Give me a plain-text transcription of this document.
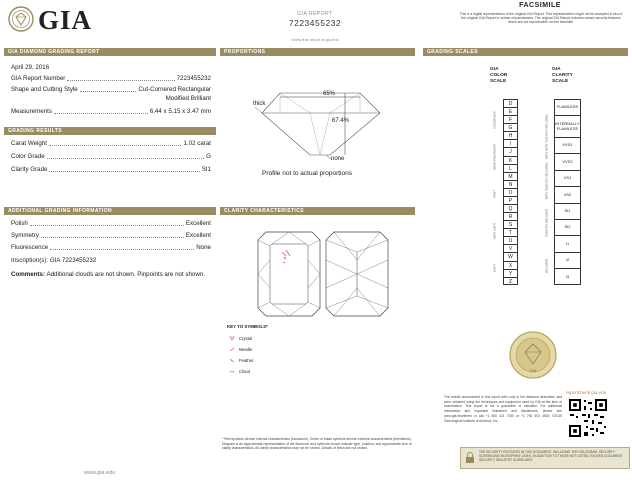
GIA	GIA REPORT
7223455232
Verify this report at gia.edu
FACSIMILE
This is a digital representation of the original GIA Report. This representation might not be accepted in lieu of the original GIA Report in certain circumstances. The original GIA Report includes certain security features which are not reproducible on this facsimile.
GIA DIAMOND GRADING REPORT
April 29, 2016
GIA Report Number	7223455232
Shape and Cutting Style	Cut-Cornered Rectangular
Modified Brilliant
Measurements	6.44 x 5.15 x 3.47 mm
GRADING RESULTS
Carat Weight	1.02 carat
Color Grade	G
Clarity Grade	SI1
ADDITIONAL GRADING INFORMATION
Polish	Excellent
Symmetry	Excellent
Fluorescence	None
Inscription(s): GIA 7223455232
Comments: Additional clouds are not shown. Pinpoints are not shown.
www.gia.edu
PROPORTIONS
65%
67.4%
thick
none
Profile not to actual proportions
CLARITY CHARACTERISTICS
KEY TO SYMBOLS*
Crystal
Needle
Feather
Cloud
* Red symbols denote internal characteristics (inclusions). Green or black symbols denote external characteristics (blemishes). Diagram is an approximate representation of the diamond, and symbols shown indicate type, position, and approximate size of clarity characteristics. All clarity characteristics may not be shown. Details of finish are not shown.
GRADING SCALES
GIA
COLOR
SCALE
GIA
CLARITY
SCALE
D
E
F
G
H
I
J
K
L
M
N
O
P
Q
R
S
T
U
V
W
X
Y
Z
FLAWLESS
INTERNALLY FLAWLESS
VVS1
VVS2
VS1
VS2
SI1
SI2
I1
I2
I3
COLORLESS
NEAR COLORLESS
FAINT
VERY LIGHT
LIGHT
VERY VERY SLIGHTLY INCLUDED
VERY SLIGHTLY INCLUDED
SLIGHTLY INCLUDED
INCLUDED
GIA
The results documented in this report refer only to the diamond described, and were obtained using the techniques and equipment used by GIA at the time of examination. This report is not a guarantee or valuation. For additional information and important limitations and disclaimers, please see www.gia.edu/terms or call +1 800 421 7250 or +1 760 603 4500. ©2016 Gemological Institute of America, Inc.
reportcheck.gia.edu
THE SECURITY FEATURES IN THIS DOCUMENT, INCLUDING THE HOLOGRAM, SECURITY SCREEN AND MICROPRINT LINES, IN ADDITION TO THOSE NOT LISTED, EXCEED DOCUMENT SECURITY INDUSTRY GUIDELINES.
